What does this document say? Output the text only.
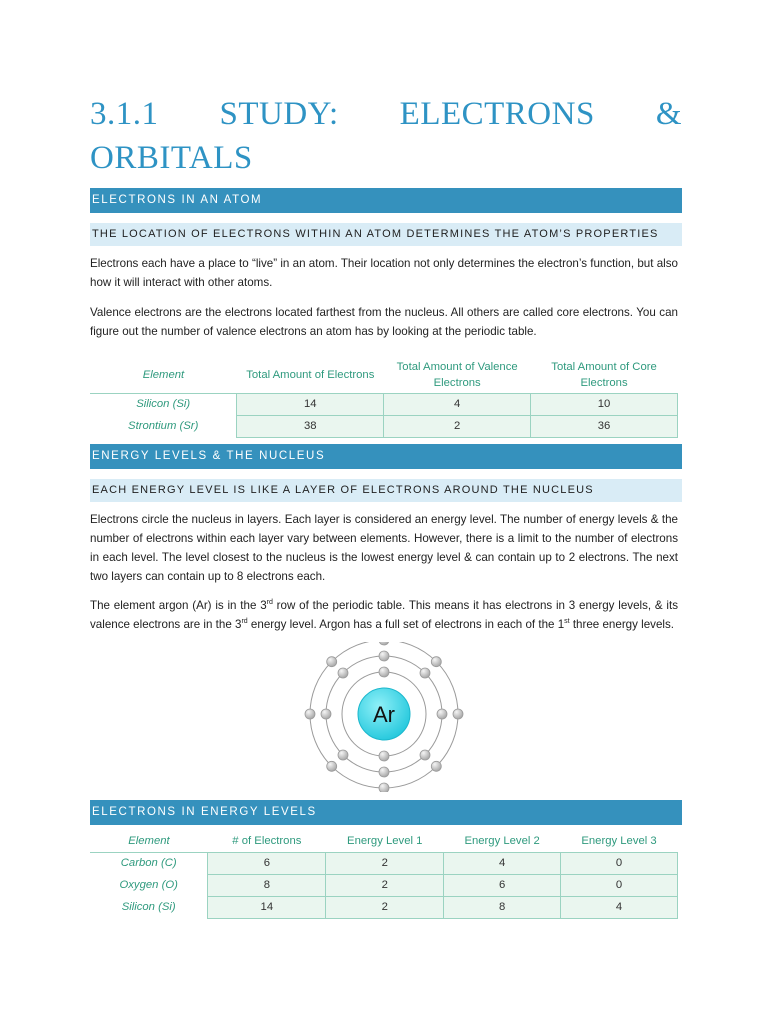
3.1.1 STUDY: ELECTRONS &
ORBITALS
ELECTRONS IN AN ATOM
THE LOCATION OF ELECTRONS WITHIN AN ATOM DETERMINES THE ATOM’S PROPERTIES

Electrons each have a place to “live” in an atom. Their location not only determines the electron’s function, but also how it will interact with other atoms.

Valence electrons are the electrons located farthest from the nucleus. All others are called core electrons. You can figure out the number of valence electrons an atom has by looking at the periodic table.

Element	Total Amount of Electrons	Total Amount of Valence Electrons	Total Amount of Core Electrons
Silicon (Si)	14	4	10
Strontium (Sr)	38	2	36
ENERGY LEVELS & THE NUCLEUS
EACH ENERGY LEVEL IS LIKE A LAYER OF ELECTRONS AROUND THE NUCLEUS

Electrons circle the nucleus in layers. Each layer is considered an energy level. The number of energy levels & the number of electrons within each layer vary between elements. However, there is a limit to the number of electrons in each level. The level closest to the nucleus is the lowest energy level & can contain up to 2 electrons. The next two layers can contain up to 8 electrons each.

The element argon (Ar) is in the 3rd row of the periodic table. This means it has electrons in 3 energy levels, & its valence electrons are in the 3rd energy level. Argon has a full set of electrons in each of the 1st three energy levels.

Ar
ELECTRONS IN ENERGY LEVELS
Element	# of Electrons	Energy Level 1	Energy Level 2	Energy Level 3
Carbon (C)	6	2	4	0
Oxygen (O)	8	2	6	0
Silicon (Si)	14	2	8	4
